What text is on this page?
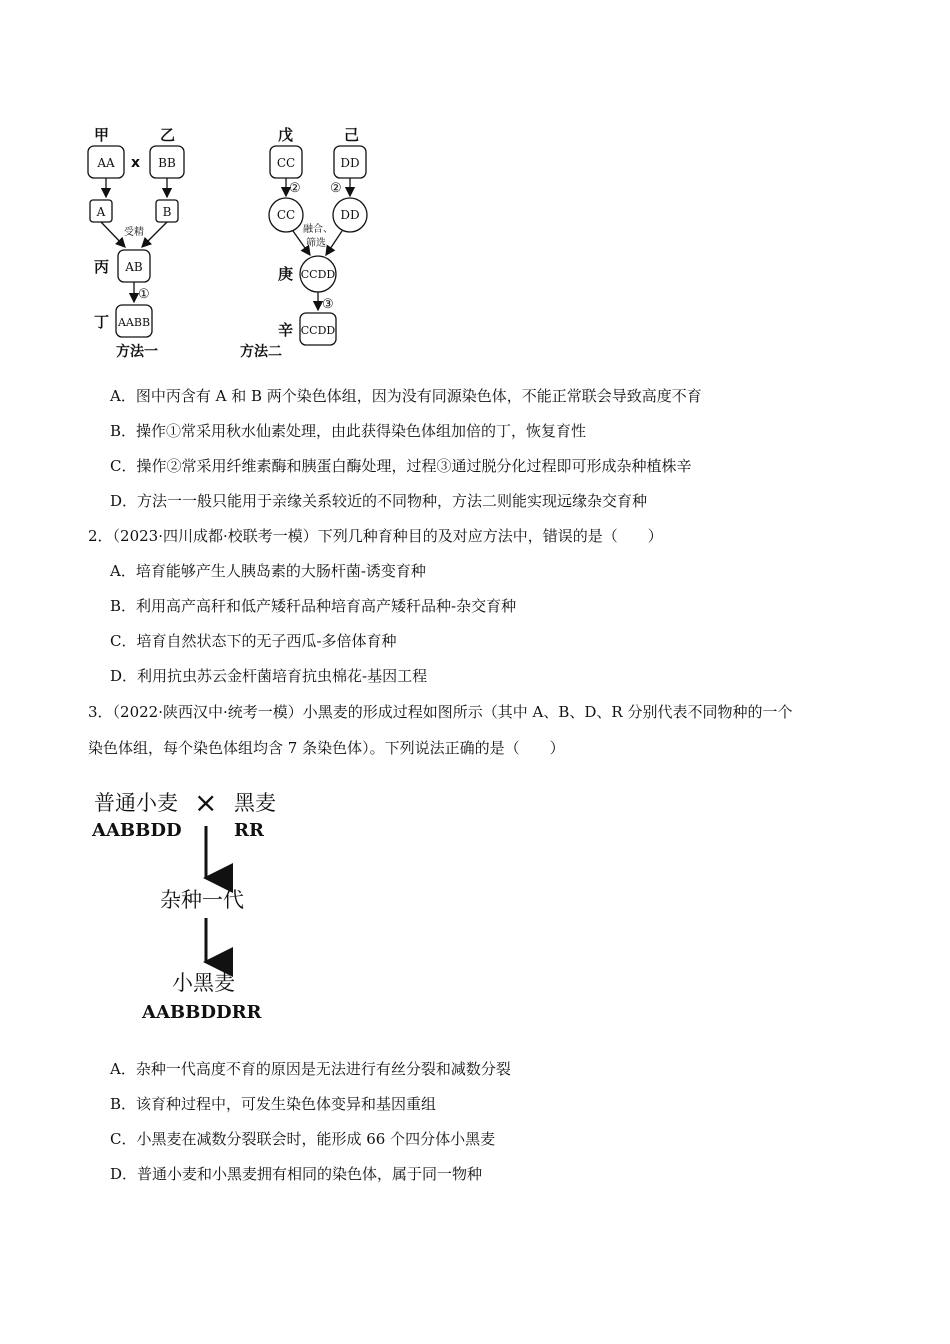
甲	乙
x
AA	BB
A	B
受精
丙 AB
①
丁 AABB
方法一
戊	己
CC	DD
② ②
CC	DD
融合、
筛选
庚 CCDD
③
辛 CCDD
方法二
A．图中丙含有 A 和 B 两个染色体组，因为没有同源染色体，不能正常联会导致高度不育
B．操作①常采用秋水仙素处理，由此获得染色体组加倍的丁，恢复育性
C．操作②常采用纤维素酶和胰蛋白酶处理，过程③通过脱分化过程即可形成杂种植株辛
D．方法一一般只能用于亲缘关系较近的不同物种，方法二则能实现远缘杂交育种
2．（2023·四川成都·校联考一模）下列几种育种目的及对应方法中，错误的是（　　）
A．培育能够产生人胰岛素的大肠杆菌-诱变育种
B．利用高产高秆和低产矮秆品种培育高产矮秆品种-杂交育种
C．培育自然状态下的无子西瓜-多倍体育种
D．利用抗虫苏云金杆菌培育抗虫棉花-基因工程
3．（2022·陕西汉中·统考一模）小黑麦的形成过程如图所示（其中 A、B、D、R 分别代表不同物种的一个
染色体组，每个染色体组均含 7 条染色体）。下列说法正确的是（　　）
普通小麦
AABBDD
× 黑麦
RR
杂种一代
小黑麦
AABBDDRR
A．杂种一代高度不育的原因是无法进行有丝分裂和减数分裂
B．该育种过程中，可发生染色体变异和基因重组
C．小黑麦在减数分裂联会时，能形成 66 个四分体小黑麦
D．普通小麦和小黑麦拥有相同的染色体，属于同一物种
